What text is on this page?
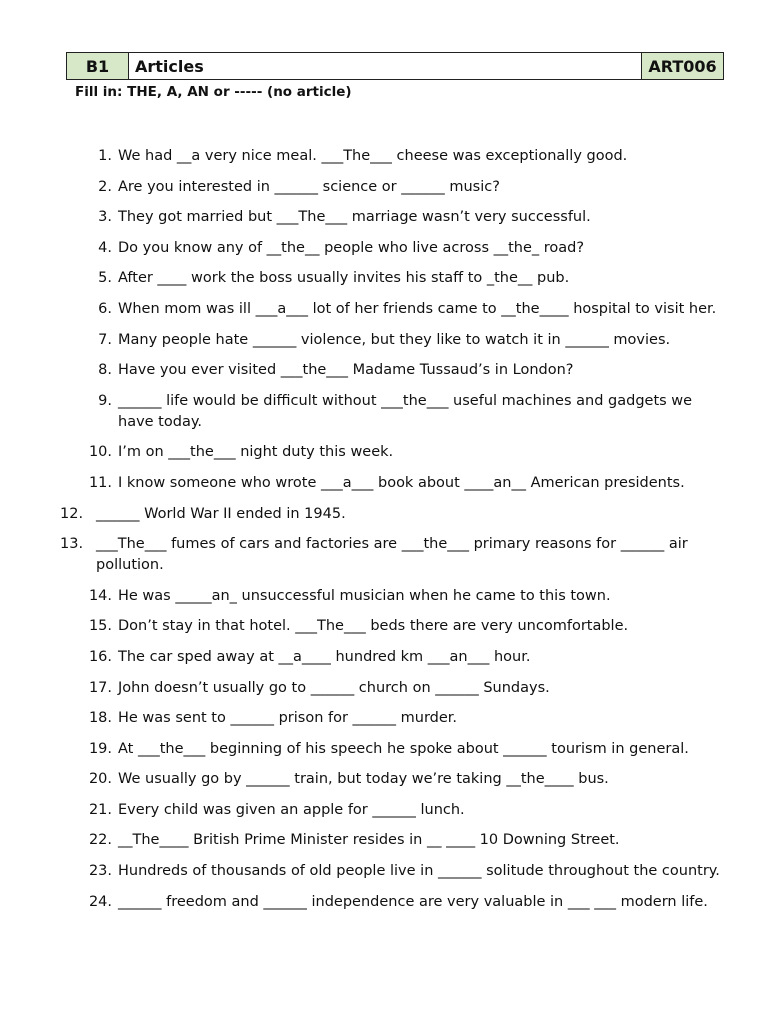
B1	Articles	ART006
Fill in: THE, A, AN or ----- (no article)
1. We had __a very nice meal. ___The___ cheese was exceptionally good.
2. Are you interested in ______ science or ______ music?
3. They got married but ___The___ marriage wasn’t very successful.
4. Do you know any of __the__ people who live across __the_ road?
5. After ____ work the boss usually invites his staff to _the__ pub.
6. When mom was ill ___a___ lot of her friends came to __the____ hospital to visit her.
7. Many people hate ______ violence, but they like to watch it in ______ movies.
8. Have you ever visited ___the___ Madame Tussaud’s in London?
9. ______ life would be difficult without ___the___ useful machines and gadgets we have today.
10. I’m on ___the___ night duty this week.
11. I know someone who wrote ___a___ book about ____an__ American presidents.
12. ______ World War II ended in 1945.
13. ___The___ fumes of cars and factories are ___the___ primary reasons for ______ air pollution.
14. He was _____an_ unsuccessful musician when he came to this town.
15. Don’t stay in that hotel. ___The___ beds there are very uncomfortable.
16. The car sped away at __a____ hundred km ___an___ hour.
17. John doesn’t usually go to ______ church on ______ Sundays.
18. He was sent to ______ prison for ______ murder.
19. At ___the___ beginning of his speech he spoke about ______ tourism in general.
20. We usually go by ______ train, but today we’re taking __the____ bus.
21. Every child was given an apple for ______ lunch.
22. __The____ British Prime Minister resides in __ ____ 10 Downing Street.
23. Hundreds of thousands of old people live in ______ solitude throughout the country.
24. ______ freedom and ______ independence are very valuable in ___ ___ modern life.
